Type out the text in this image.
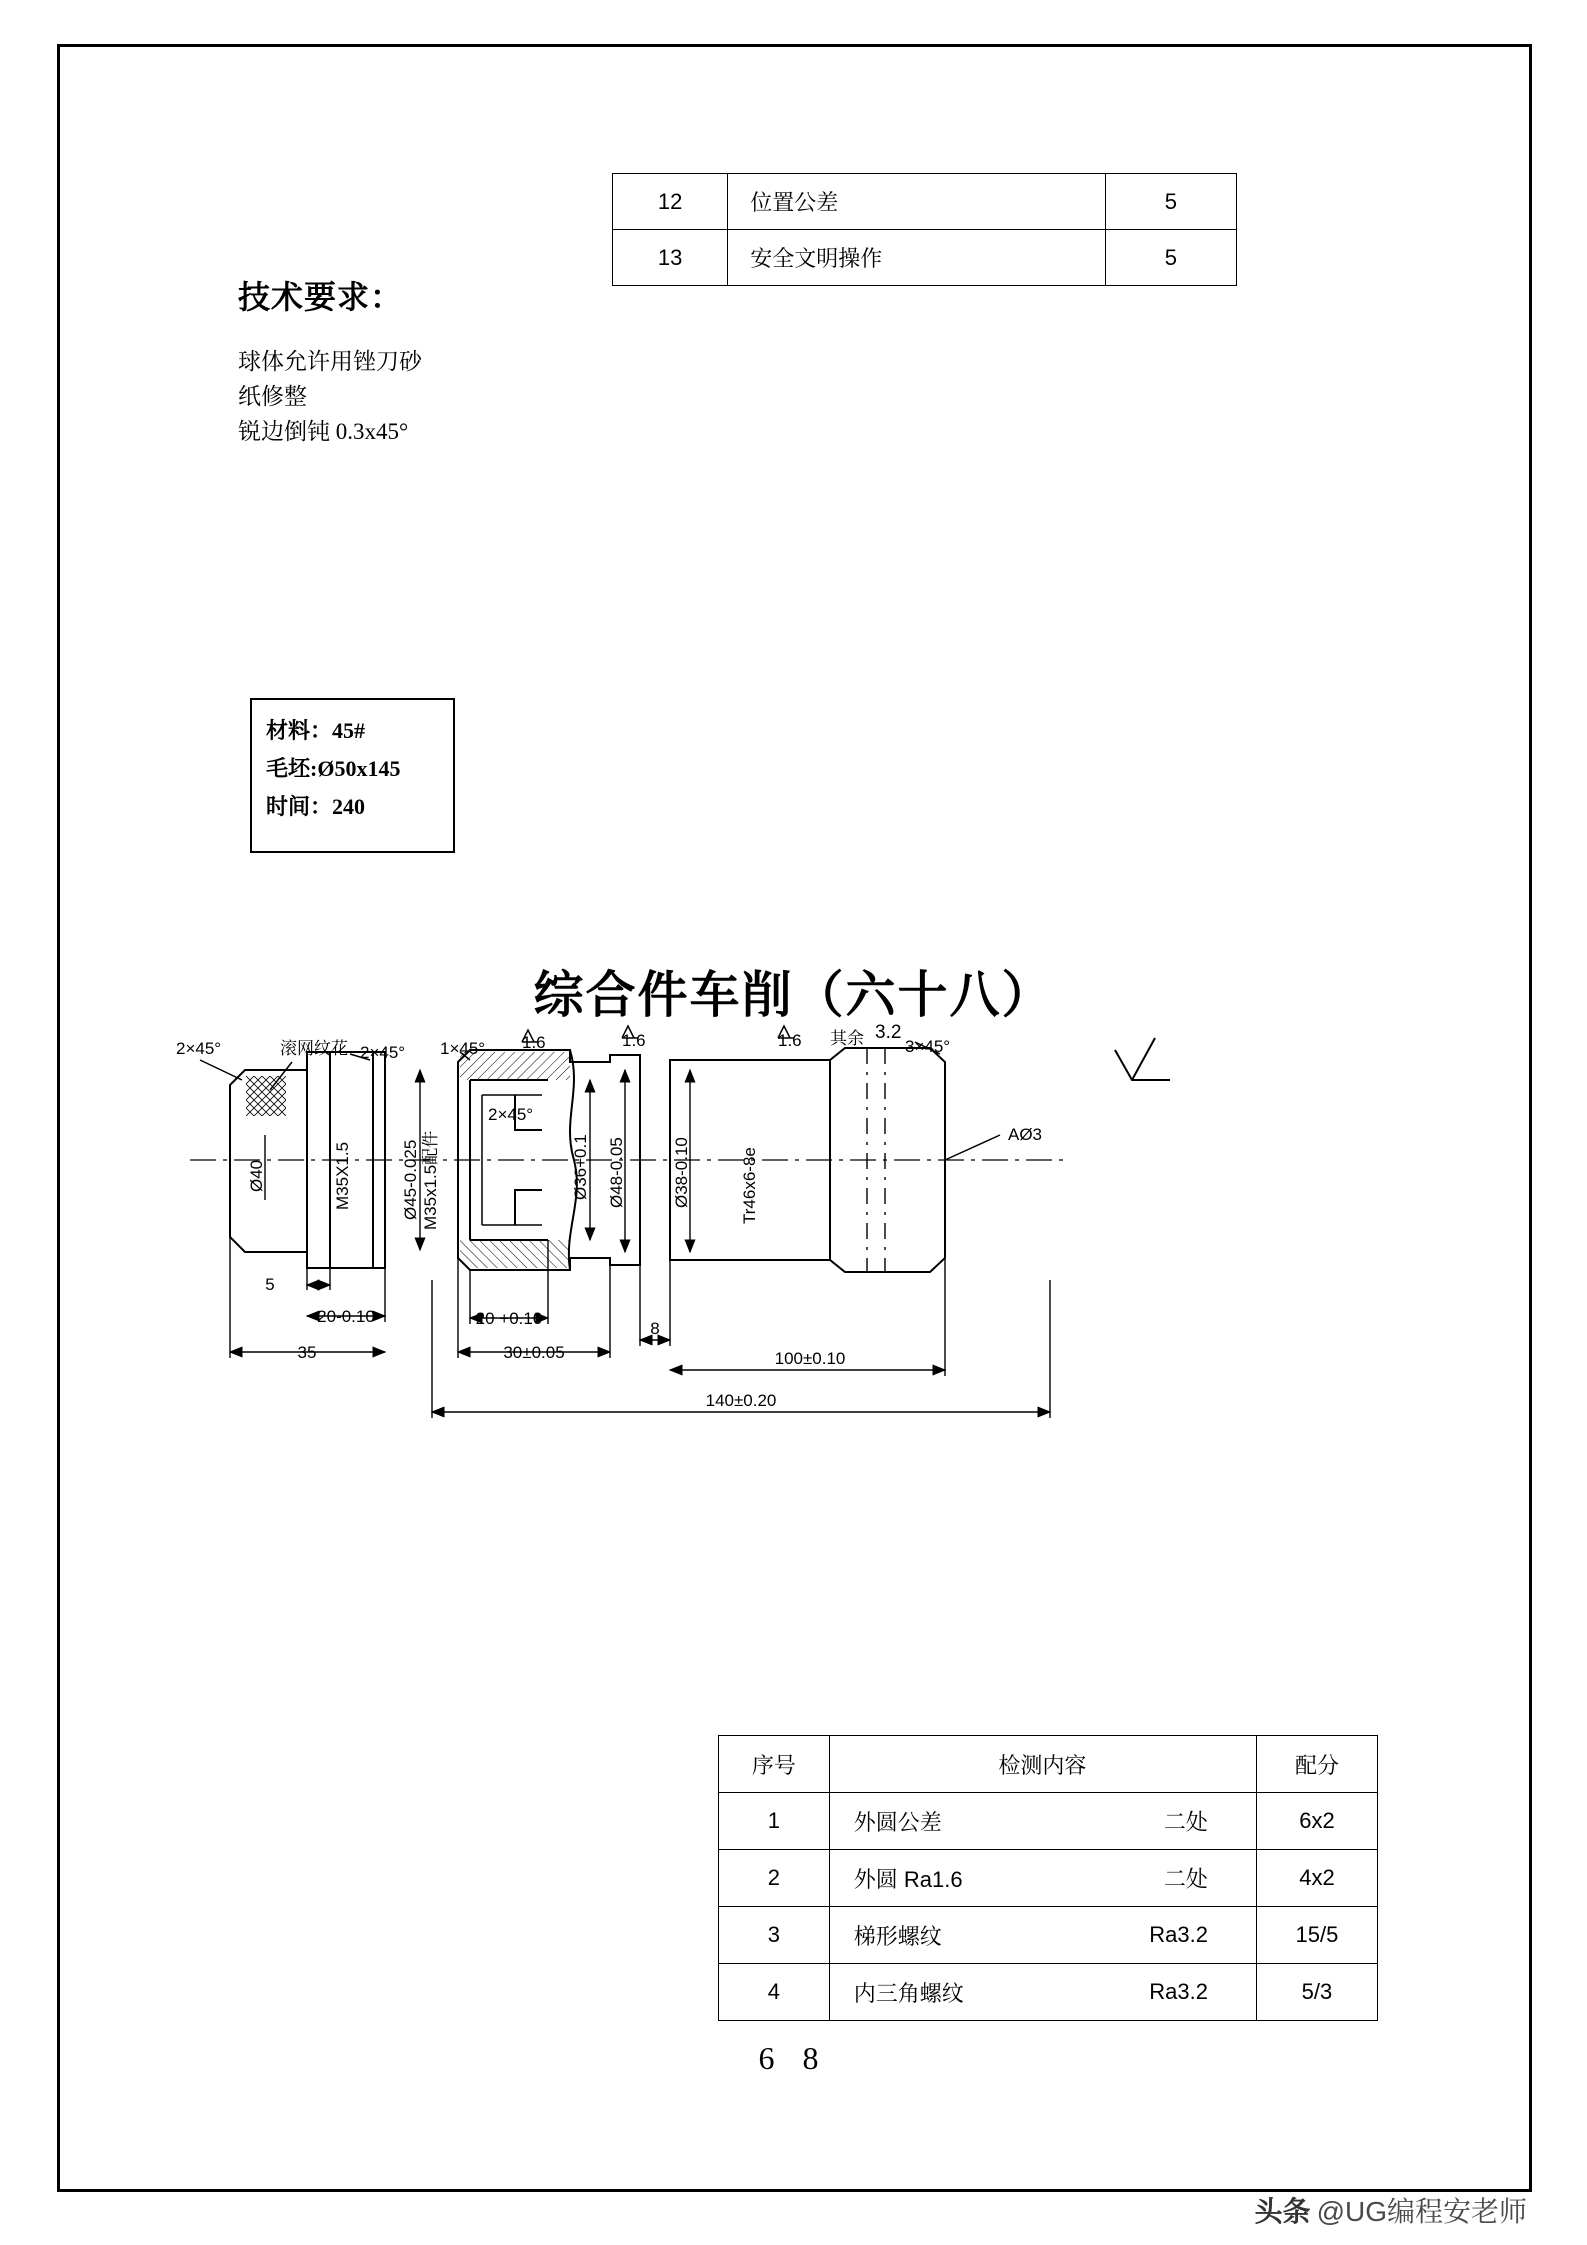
12	位置公差	5
13	安全文明操作	5
技术要求：
球体允许用锉刀砂
纸修整
锐边倒钝 0.3x45°
材料：45#
毛坯:Ø50x145
时间：240
综合件车削（六十八）
2×45°	滚网纹花 2×45° 1×45° 1.6	1.6	1.6	3×45°
其余
AØ3
5
20-0.10
35
20 +0.10
30±0.05
8
100±0.10
140±0.20
2×45°
Ø40	M35X1.5	Ø45-0.025 M35x1.5配件	Ø36+0.1 Ø48-0.05	Ø38-0.10	Tr46x6-8e
3.2
序号	检测内容	配分
1	外圆公差 二处	6x2
2	外圆 Ra1.6 二处	4x2
3	梯形螺纹 Ra3.2	15/5
4	内三角螺纹 Ra3.2	5/3
6 8
头条 @UG编程安老师
